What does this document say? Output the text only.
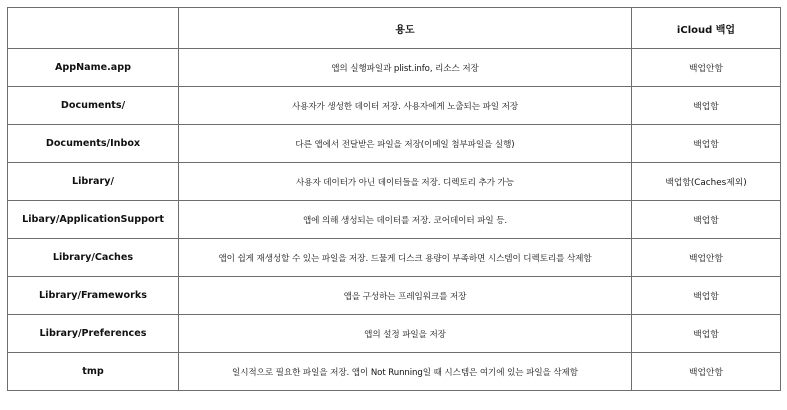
	용도	iCloud 백업
AppName.app	앱의 실행파일과 plist.info, 리소스 저장	백업안함
Documents/	사용자가 생성한 데이터 저장. 사용자에게 노출되는 파일 저장	백업함
Documents/Inbox	다른 앱에서 전달받은 파일을 저장(이메일 첨부파일을 실행)	백업함
Library/	사용자 데이터가 아닌 데이터들을 저장. 디렉토리 추가 가능	백업함(Caches제외)
Libary/ApplicationSupport	앱에 의해 생성되는 데이터를 저장. 코어데이터 파일 등.	백업함
Library/Caches	앱이 쉽게 재생성할 수 있는 파일을 저장. 드물게 디스크 용량이 부족하면 시스템이 디렉토리를 삭제함	백업안함
Library/Frameworks	앱을 구성하는 프레임워크를 저장	백업함
Library/Preferences	앱의 설정 파일을 저장	백업함
tmp	일시적으로 필요한 파일을 저장. 앱이 Not Running일 때 시스템은 여기에 있는 파일을 삭제함	백업안함
